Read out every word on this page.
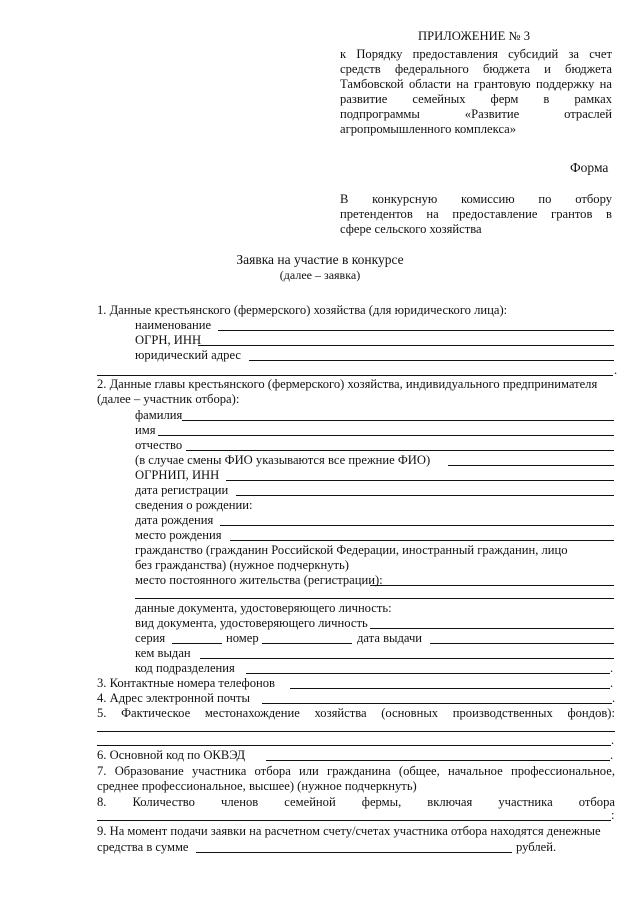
ПРИЛОЖЕНИЕ № 3
к Порядку предоставления субсидий за счет
средств федерального бюджета и бюджета
Тамбовской области на грантовую поддержку на
развитие семейных ферм в рамках
подпрограммы «Развитие отраслей
агропромышленного комплекса»
Форма
В конкурсную комиссию по отбору
претендентов на предоставление грантов в
сфере сельского хозяйства
Заявка на участие в конкурсе
(далее – заявка)
1. Данные крестьянского (фермерского) хозяйства (для юридического лица):
наименование
ОГРН, ИНН
юридический адрес
.
2. Данные главы крестьянского (фермерского) хозяйства, индивидуального предпринимателя
(далее – участник отбора):
фамилия
имя
отчество
(в случае смены ФИО указываются все прежние ФИО)
ОГРНИП, ИНН
дата регистрации
сведения о рождении:
дата рождения
место рождения
гражданство (гражданин Российской Федерации, иностранный гражданин, лицо
без гражданства) (нужное подчеркнуть)
место постоянного жительства (регистрации):
данные документа, удостоверяющего личность:
вид документа, удостоверяющего личность
серия	номер	дата выдачи
кем выдан
код подразделения	.
3. Контактные номера телефонов	.
4. Адрес электронной почты	.
5. Фактическое местонахождение хозяйства (основных производственных фондов):
.
6. Основной код по ОКВЭД	.
7. Образование участника отбора или гражданина (общее, начальное профессиональное,
среднее профессиональное, высшее) (нужное подчеркнуть)
8. Количество членов семейной фермы, включая участника отбора
:
9. На момент подачи заявки на расчетном счету/счетах участника отбора находятся денежные
средства в сумме	рублей.
